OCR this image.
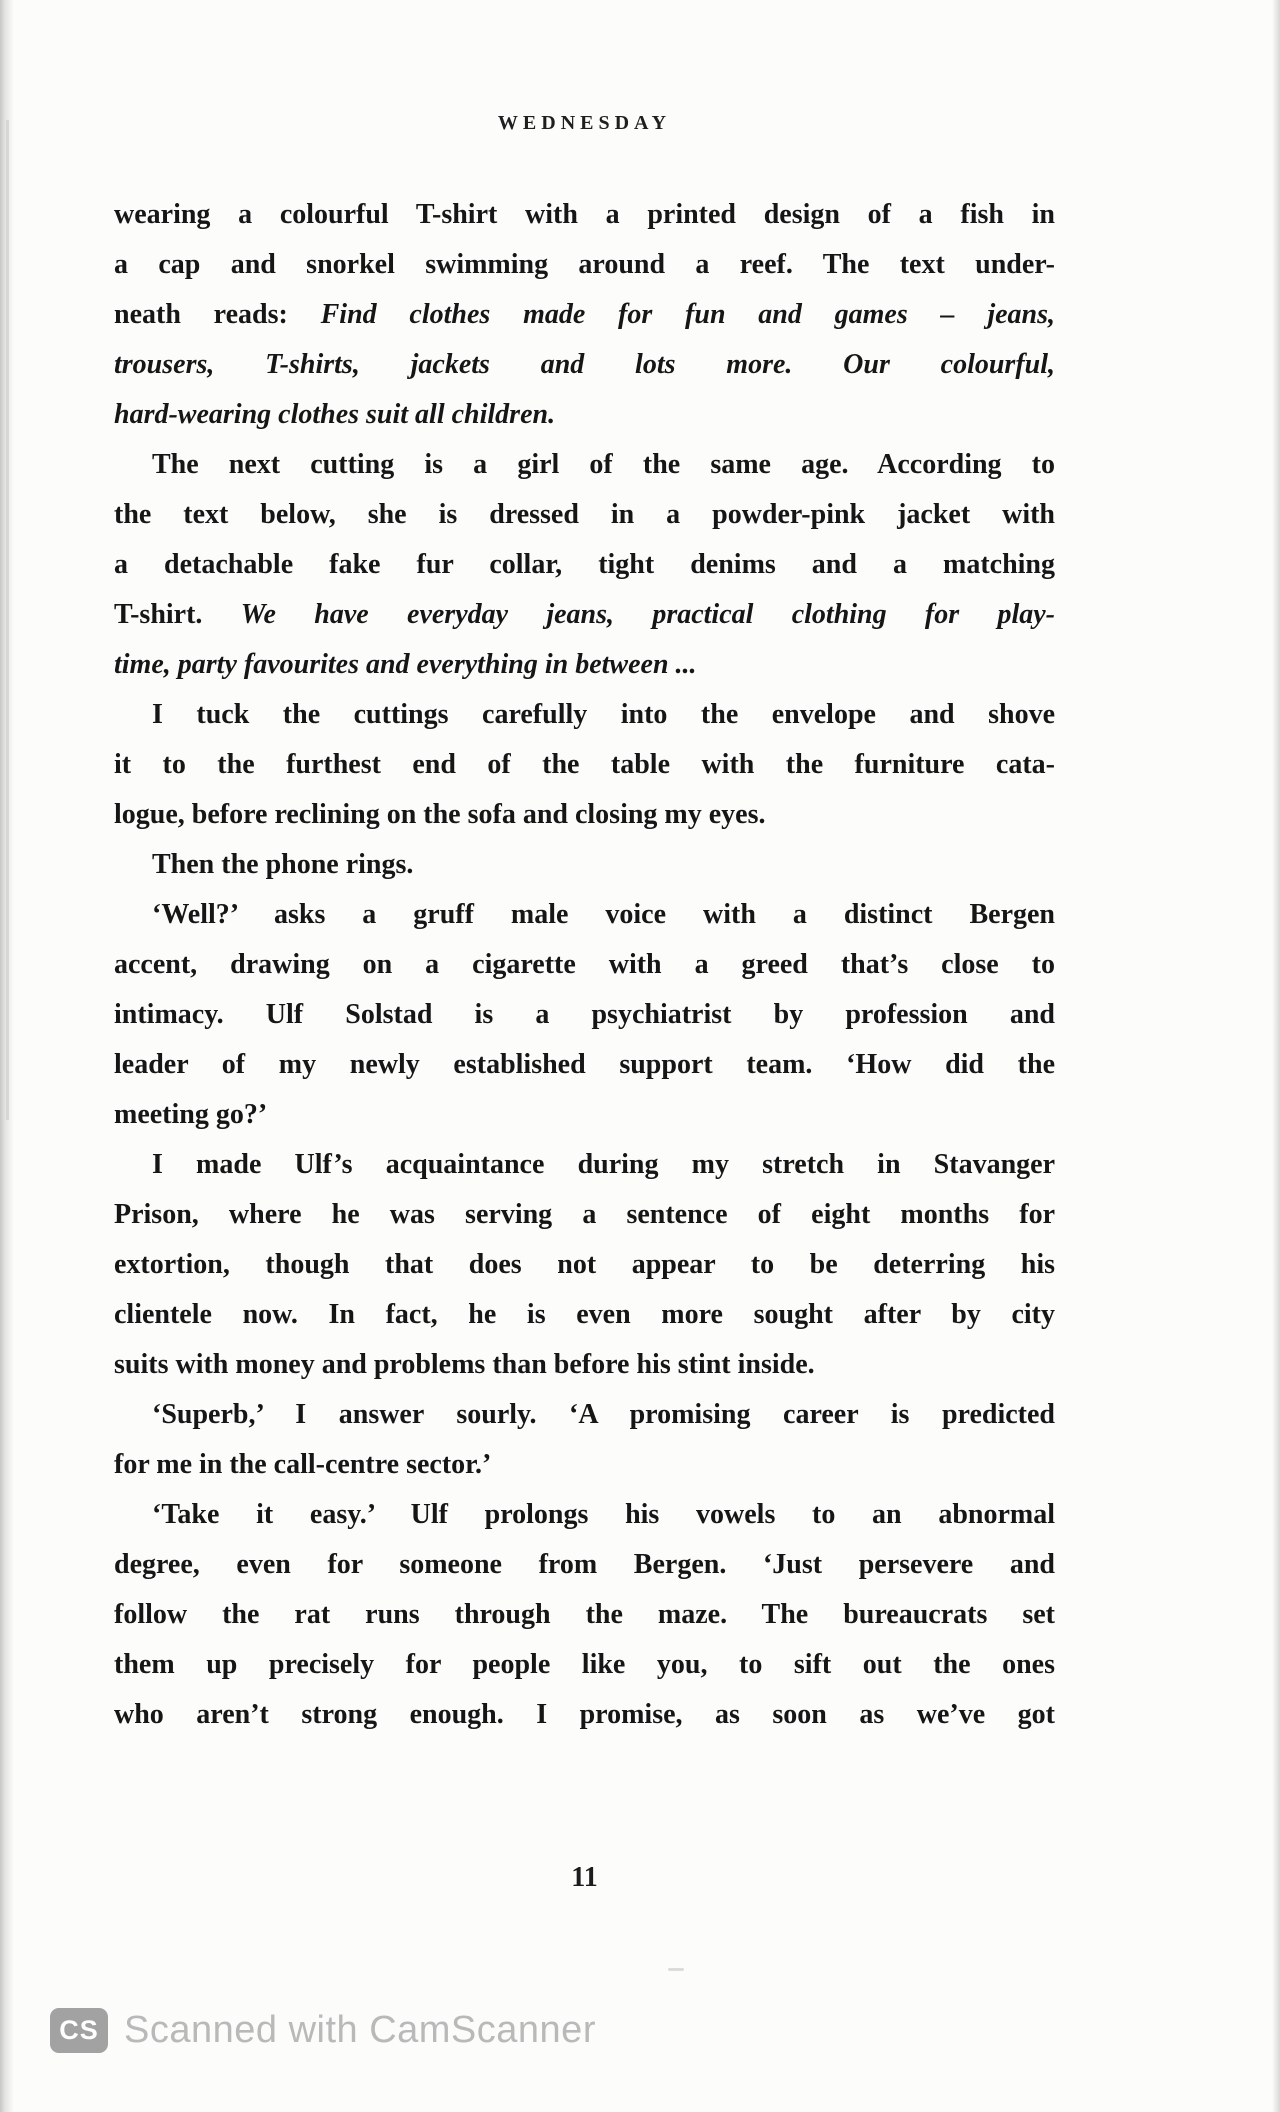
WEDNESDAY
wearing a colourful T-shirt with a printed design of a fish in
a cap and snorkel swimming around a reef. The text under-
neath reads: Find clothes made for fun and games – jeans,
trousers, T-shirts, jackets and lots more. Our colourful,
hard-wearing clothes suit all children.
The next cutting is a girl of the same age. According to
the text below, she is dressed in a powder-pink jacket with
a detachable fake fur collar, tight denims and a matching
T-shirt. We have everyday jeans, practical clothing for play-
time, party favourites and everything in between ...
I tuck the cuttings carefully into the envelope and shove
it to the furthest end of the table with the furniture cata-
logue, before reclining on the sofa and closing my eyes.
Then the phone rings.
‘Well?’ asks a gruff male voice with a distinct Bergen
accent, drawing on a cigarette with a greed that’s close to
intimacy. Ulf Solstad is a psychiatrist by profession and
leader of my newly established support team. ‘How did the
meeting go?’
I made Ulf’s acquaintance during my stretch in Stavanger
Prison, where he was serving a sentence of eight months for
extortion, though that does not appear to be deterring his
clientele now. In fact, he is even more sought after by city
suits with money and problems than before his stint inside.
‘Superb,’ I answer sourly. ‘A promising career is predicted
for me in the call-centre sector.’
‘Take it easy.’ Ulf prolongs his vowels to an abnormal
degree, even for someone from Bergen. ‘Just persevere and
follow the rat runs through the maze. The bureaucrats set
them up precisely for people like you, to sift out the ones
who aren’t strong enough. I promise, as soon as we’ve got
11
CS Scanned with CamScanner
